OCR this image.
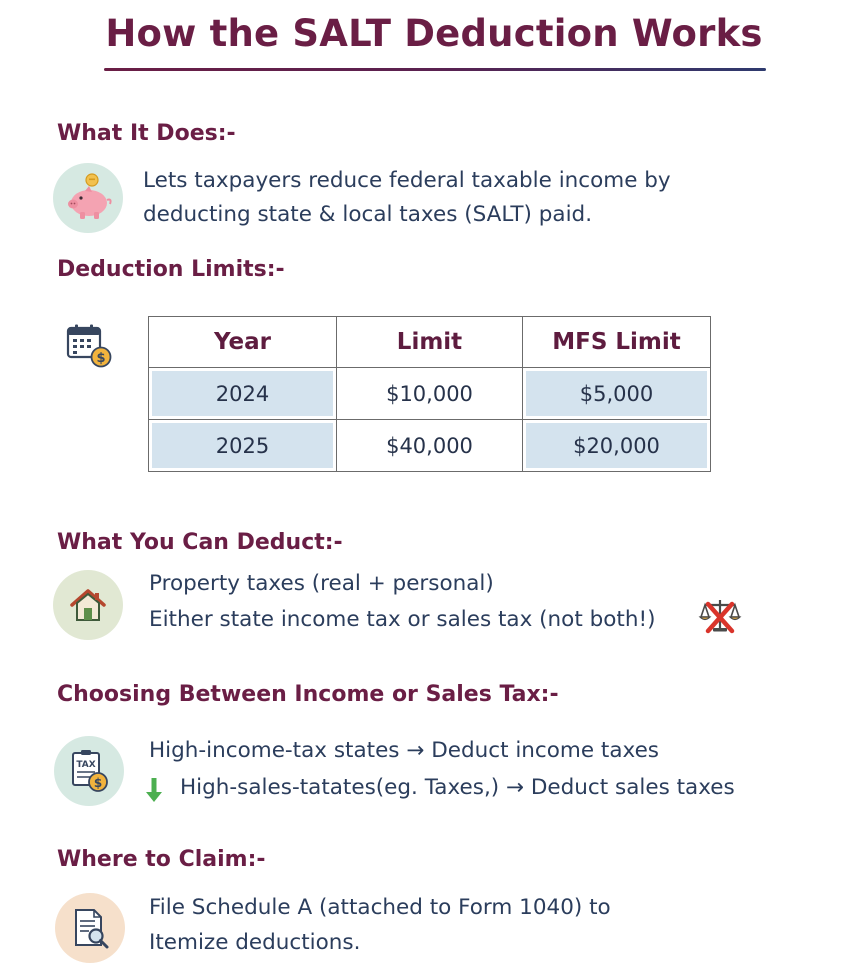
How the SALT Deduction Works
What It Does:-
Lets taxpayers reduce federal taxable income by
deducting state & local taxes (SALT) paid.
Deduction Limits:-
$
Year	Limit	MFS Limit

2024	$10,000	$5,000

2025	$40,000	$20,000
What You Can Deduct:-
Property taxes (real + personal)
Either state income tax or sales tax (not both!)
Choosing Between Income or Sales Tax:-
TAX
$
High-income-tax states → Deduct income taxes
High-sales-tatates(eg. Taxes,) → Deduct sales taxes
Where to Claim:-
File Schedule A (attached to Form 1040) to
Itemize deductions.
